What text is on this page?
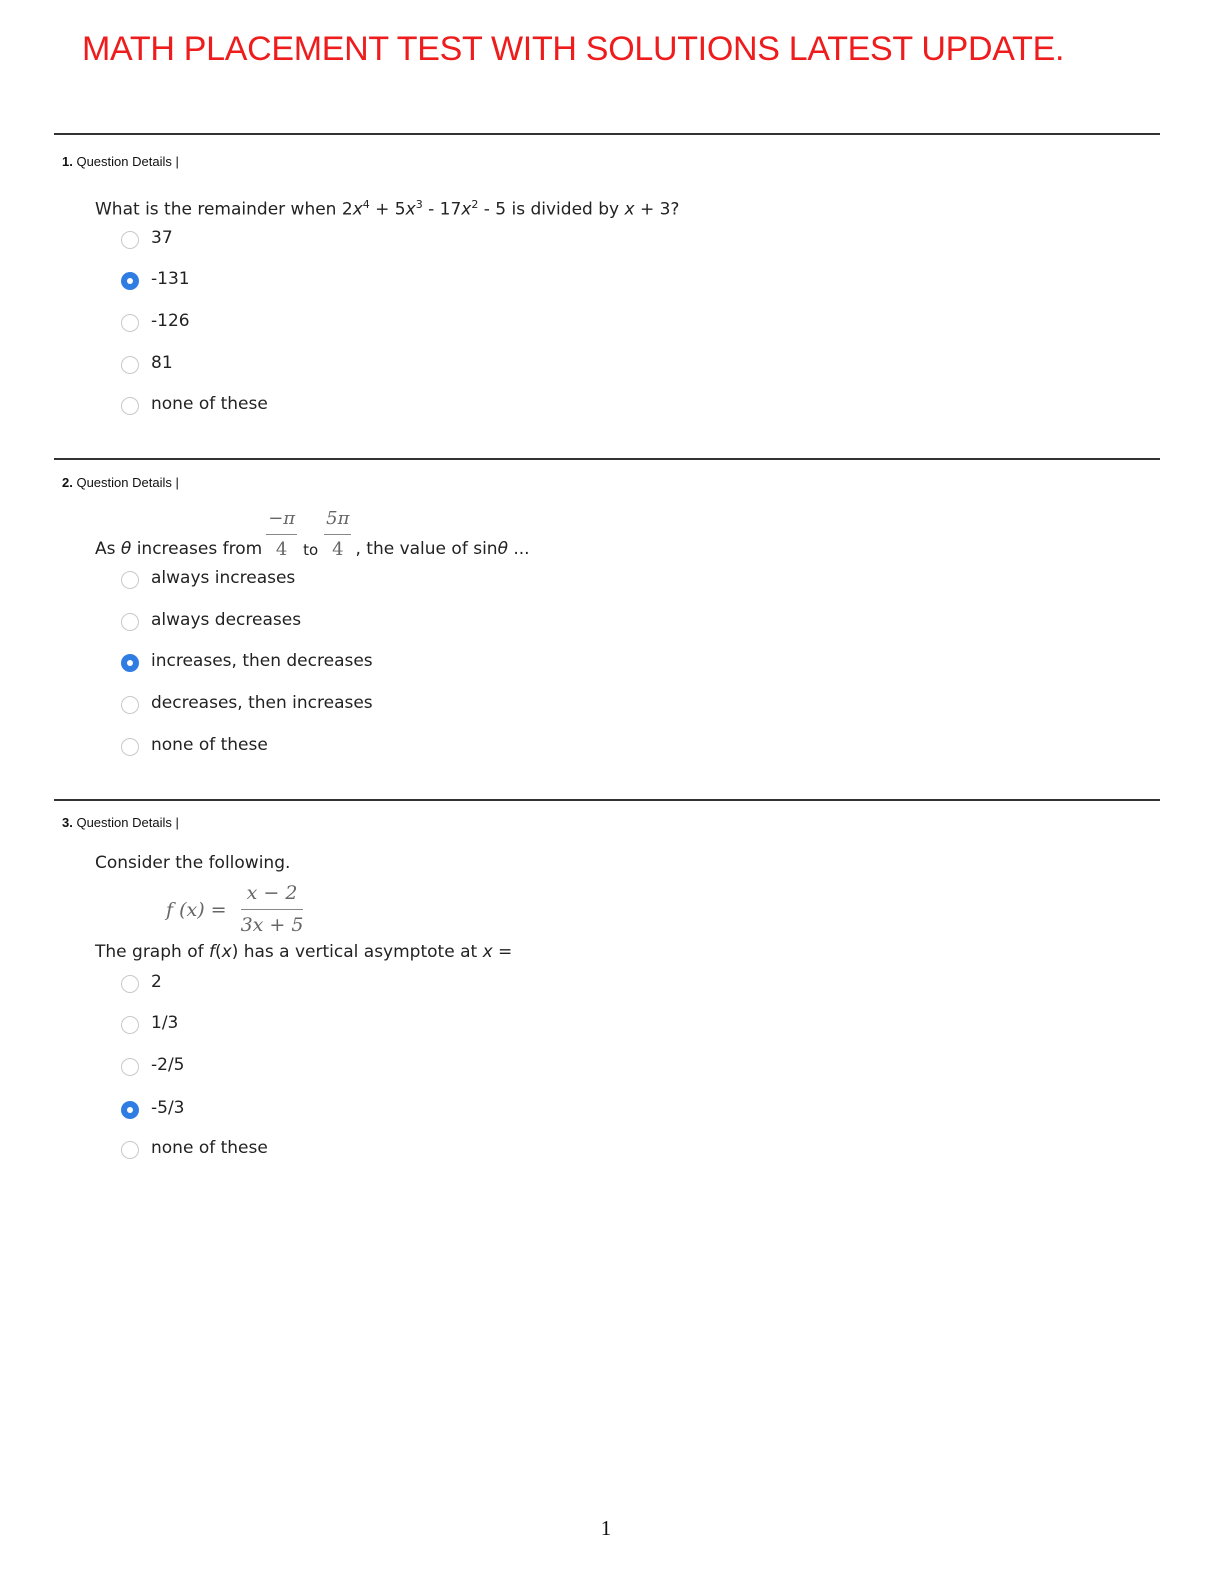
MATH PLACEMENT TEST WITH SOLUTIONS LATEST UPDATE.
1. Question Details |
What is the remainder when $2x^4 + 5x^3 - 17x^2 - 5$ is divided by x + 3?
37
-131
-126
81
none of these
2. Question Details |
As θ increases from $\frac{-\pi}{4}$ to $\frac{5\pi}{4}$ , the value of sin θ ...
always increases
always decreases
increases, then decreases
decreases, then increases
none of these
3. Question Details |
Consider the following.
f $(x) = \frac{x - 2}{3x + 5}$
The graph of f(x) has a vertical asymptote at x =
2
1/3
-2/5
-5/3
none of these
1
